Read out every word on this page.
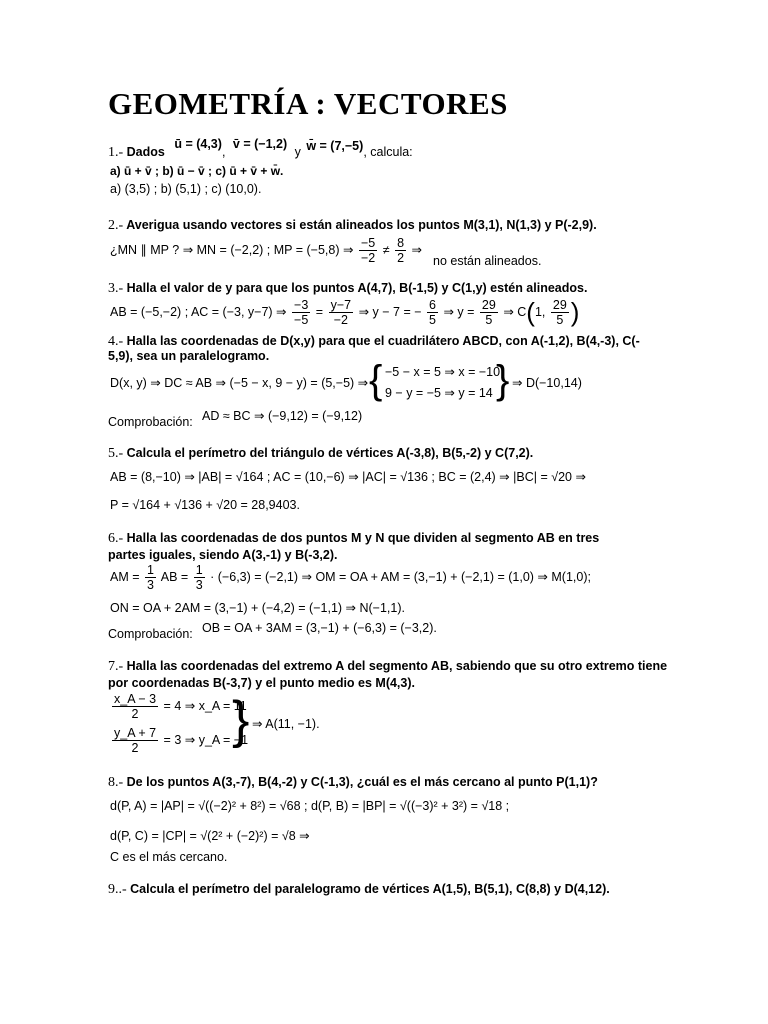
GEOMETRÍA : VECTORES
1.- Dados ū = (4,3), v̄ = (−1,2) y w̄ = (7,−5), calcula:
a) ū + v̄ ; b) ū − v̄ ; c) ū + v̄ + w̄.
a) (3,5) ; b) (5,1) ; c) (10,0).
2.- Averigua usando vectores si están alineados los puntos M(3,1), N(1,3) y P(-2,9).
¿MN ∥ MP ? ⇒ MN = (−2,2) ; MP = (−5,8) ⇒ $\frac{-5}{-2} \ne \frac{8}{2}$ ⇒
no están alineados.
3.- Halla el valor de y para que los puntos A(4,7), B(-1,5) y C(1,y) estén alineados.
AB = (−5,−2) ; AC = (−3, y−7) ⇒ $\frac{-3}{-5} = \frac{y-7}{-2}$ ⇒ y − 7 = − $\frac{6}{5}$ ⇒ $y = \frac{29}{5}$ ⇒ C(1, $\frac{29}{5}$ )
4.- Halla las coordenadas de D(x,y) para que el cuadrilátero ABCD, con A(-1,2), B(4,-3), C(- 5,9), sea un paralelogramo.
D(x, y) ⇒ DC ≈ AB ⇒ (−5 − x, 9 − y) = (5,−5) ⇒ { −5 − x = 5 ⇒ x = −10
9 − y = −5 ⇒ y = 14 } ⇒ D(−10,14)
Comprobación: AD ≈ BC ⇒ (−9,12) = (−9,12)
5.- Calcula el perímetro del triángulo de vértices A(-3,8), B(5,-2) y C(7,2).
AB = (8,−10) ⇒ |AB| = √164 ; AC = (10,−6) ⇒ |AC| = √136 ; BC = (2,4) ⇒ |BC| = √20 ⇒
P = √164 + √136 + √20 = 28,9403.
6.- Halla las coordenadas de dos puntos M y N que dividen al segmento AB en tres partes iguales, siendo A(3,-1) y B(-3,2).
AM = $\frac{1}{3}$ AB = $\frac{1}{3} \cdot (-6,3) = (-2,1)$ ⇒ OM = OA + AM = (3,−1) + (−2,1) = (1,0) ⇒ M(1,0);
ON = OA + 2AM = (3,−1) + (−4,2) = (−1,1) ⇒ N(−1,1).
Comprobación: OB = OA + 3AM = (3,−1) + (−6,3) = (−3,2).
7.- Halla las coordenadas del extremo A del segmento AB, sabiendo que su otro extremo tiene por coordenadas B(-3,7) y el punto medio es M(4,3).
$\frac{x\_A - 3}{2} = 4$ ⇒ x_A = 11
$\frac{y\_A + 7}{2} = 3$ ⇒ y_A = −1
} ⇒ A(11, −1).
8.- De los puntos A(3,-7), B(4,-2) y C(-1,3), ¿cuál es el más cercano al punto P(1,1)?
d(P, A) = |AP| = √((−2)² + 8²) = √68 ; d(P, B) = |BP| = √((−3)² + 3²) = √18 ;
d(P, C) = |CP| = √(2² + (−2)²) = √8 ⇒
C es el más cercano.
9..- Calcula el perímetro del paralelogramo de vértices A(1,5), B(5,1), C(8,8) y D(4,12).
